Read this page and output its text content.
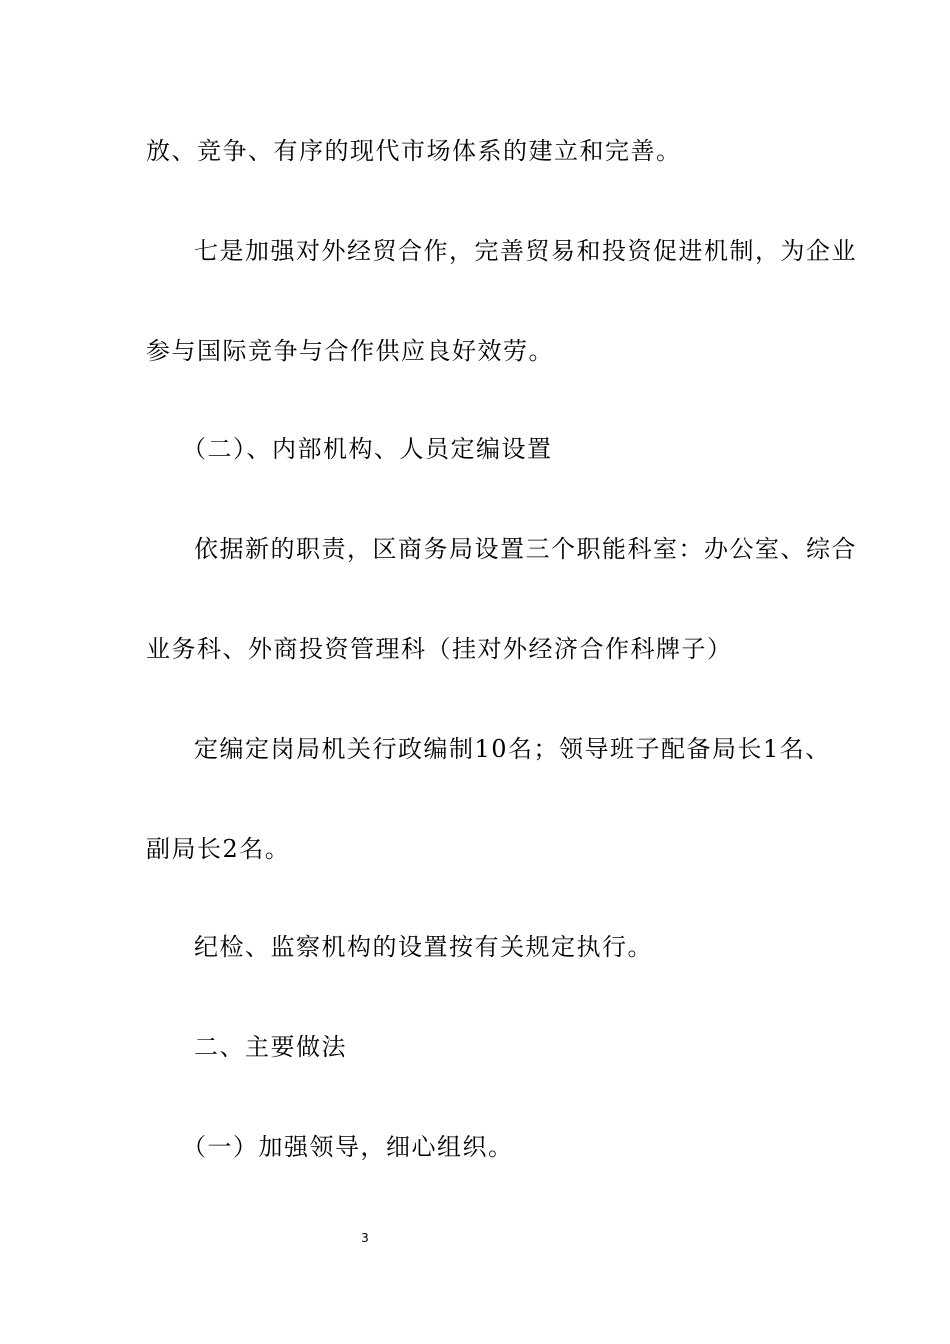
放、竞争、有序的现代市场体系的建立和完善。
七是加强对外经贸合作，完善贸易和投资促进机制，为企业
参与国际竞争与合作供应良好效劳。
（二）、内部机构、人员定编设置
依据新的职责，区商务局设置三个职能科室：办公室、综合
业务科、外商投资管理科（挂对外经济合作科牌子）
定编定岗局机关行政编制10名；领导班子配备局长1名、
副局长2名。
纪检、监察机构的设置按有关规定执行。
二、主要做法
（一）加强领导，细心组织。
3
